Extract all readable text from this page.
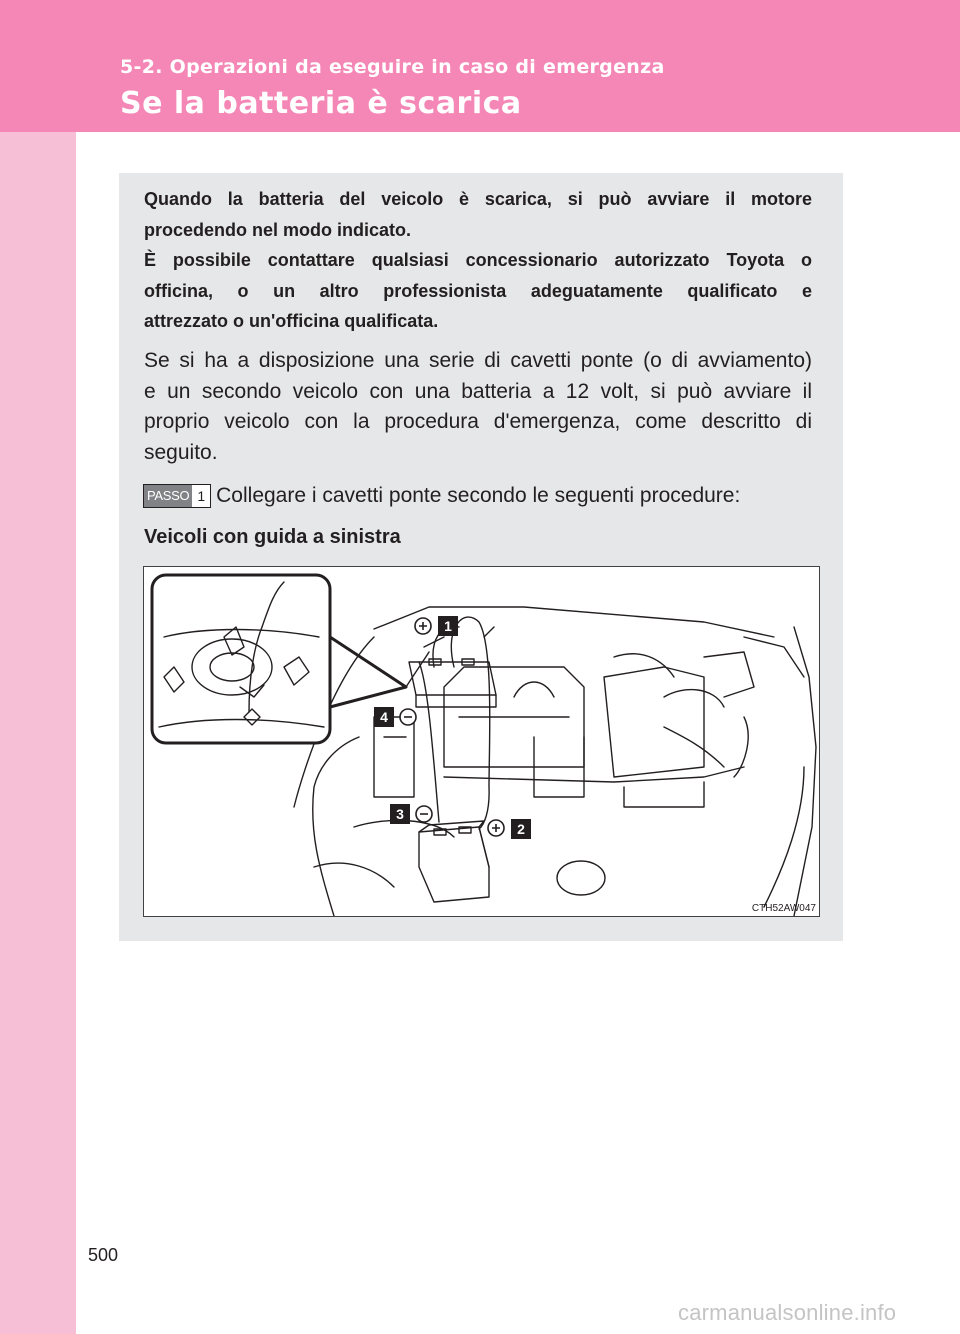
5-2. Operazioni da eseguire in caso di emergenza
Se la batteria è scarica

Quando la batteria del veicolo è scarica, si può avviare il motore
procedendo nel modo indicato.
È possibile contattare qualsiasi concessionario autorizzato Toyota o
officina, o un altro professionista adeguatamente qualificato e
attrezzato o un'officina qualificata.

Se si ha a disposizione una serie di cavetti ponte (o di avviamento)
e un secondo veicolo con una batteria a 12 volt, si può avviare il
proprio veicolo con la procedura d'emergenza, come descritto di
seguito.

PASSO 1 Collegare i cavetti ponte secondo le seguenti procedure:
Veicoli con guida a sinistra
1
2
3
4
CTH52AW047
500
carmanualsonline.info
